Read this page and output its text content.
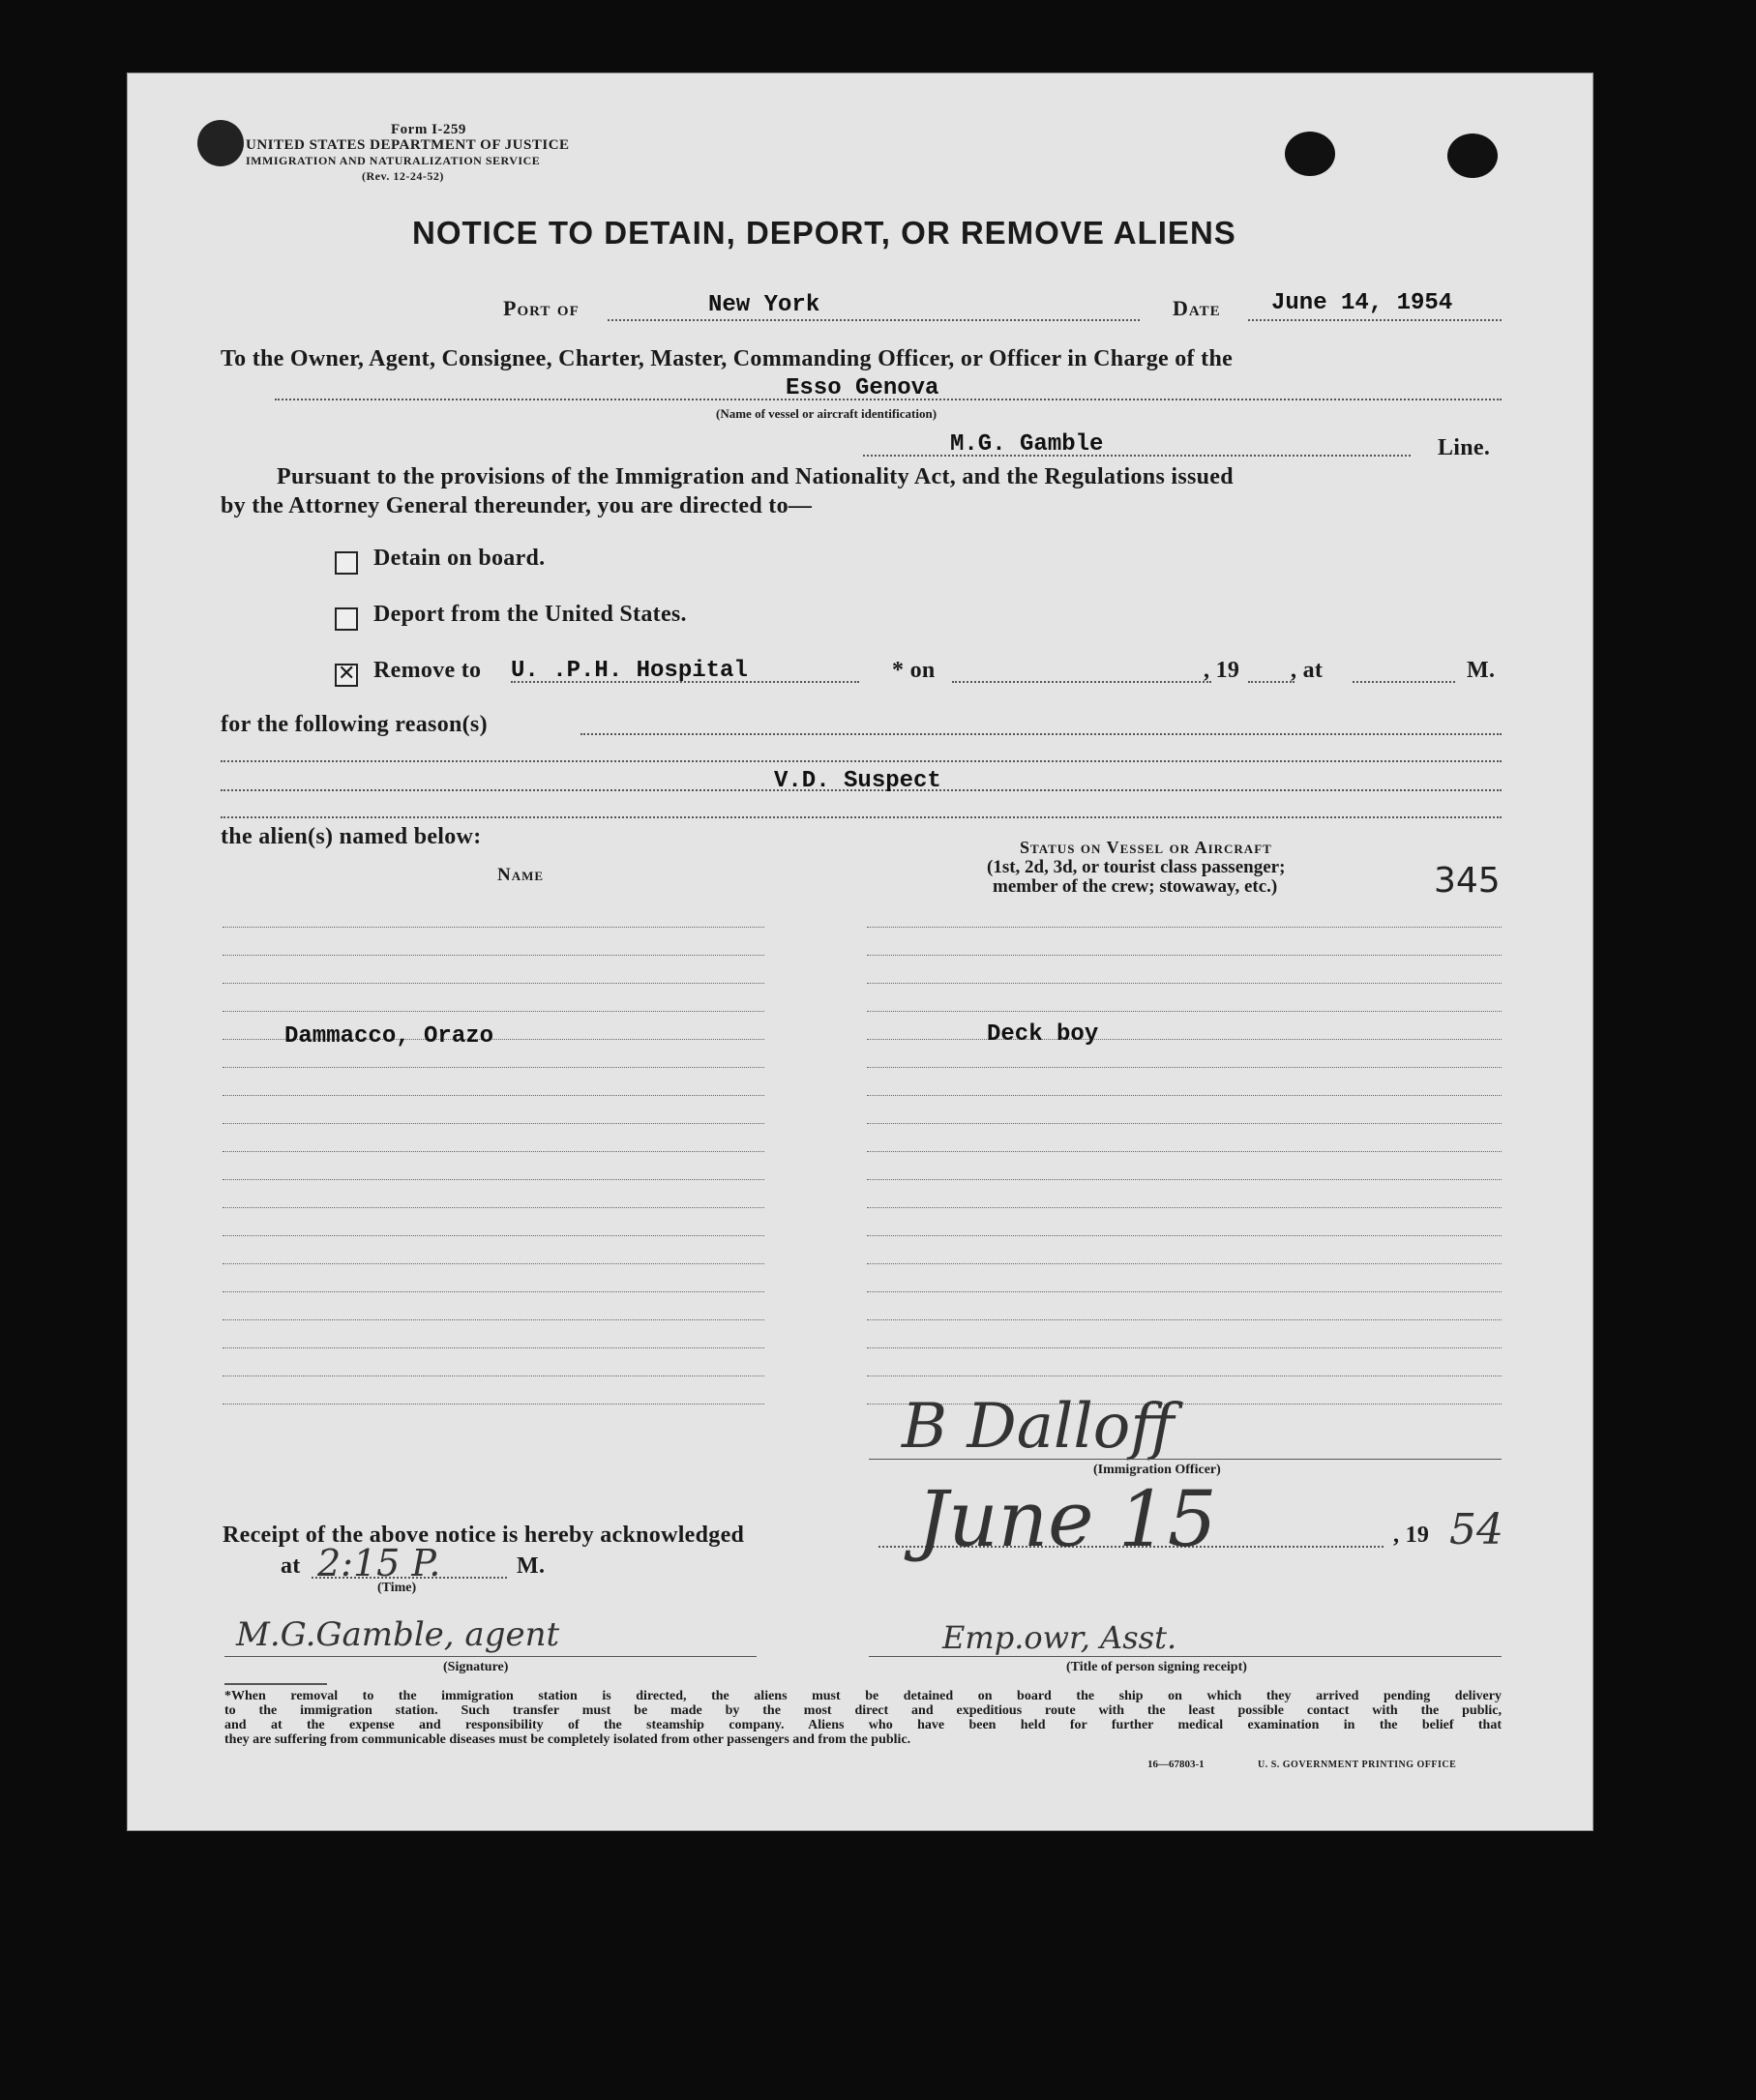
Form I-259
UNITED STATES DEPARTMENT OF JUSTICE
IMMIGRATION AND NATURALIZATION SERVICE
(Rev. 12-24-52)
NOTICE TO DETAIN, DEPORT, OR REMOVE ALIENS
Port of	New York	Date June 14, 1954
To the Owner, Agent, Consignee, Charter, Master, Commanding Officer, or Officer in Charge of the
Esso Genova
(Name of vessel or aircraft identification)
M.G. Gamble	Line.
Pursuant to the provisions of the Immigration and Nationality Act, and the Regulations issued
by the Attorney General thereunder, you are directed to—
Detain on board.
Deport from the United States.
✕
Remove to U. .P.H. Hospital	* on	, 19 , at	M.
for the following reason(s)
V.D. Suspect
the alien(s) named below:
Name
Status on Vessel or Aircraft
(1st, 2d, 3d, or tourist class passenger;
member of the crew; stowaway, etc.)	345
Dammacco, Orazo	Deck boy
B Dalloff
(Immigration Officer)
Receipt of the above notice is hereby acknowledged June 15	, 19 54
at 2:15 P.	M.
(Time)
M.G.Gamble, agent
(Signature)
Emp.owr, Asst.
(Title of person signing receipt)
*When removal to the immigration station is directed, the aliens must be detained on board the ship on which they arrived pending delivery
to the immigration station. Such transfer must be made by the most direct and expeditious route with the least possible contact with the public,
and at the expense and responsibility of the steamship company. Aliens who have been held for further medical examination in the belief that
they are suffering from communicable diseases must be completely isolated from other passengers and from the public.
16—67803-1	U. S. GOVERNMENT PRINTING OFFICE
